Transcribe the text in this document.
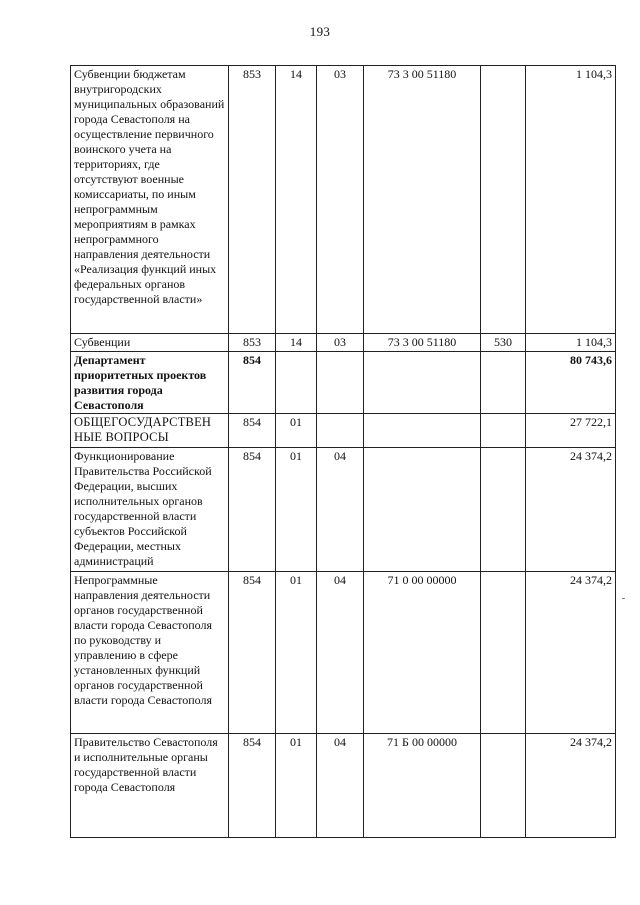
193
Субвенции бюджетам внутригородских муниципальных образований города Севастополя на осуществление первичного воинского учета на территориях, где отсутствуют военные комиссариаты, по иным непрограммным мероприятиям в рамках непрограммного направления деятельности «Реализация функций иных федеральных органов государственной власти»	853	14	03	73 3 00 51180		1 104,3
Субвенции	853	14	03	73 3 00 51180	530	1 104,3
Департамент приоритетных проектов развития города Севастополя	854					80 743,6
ОБЩЕГОСУДАРСТВЕН НЫЕ ВОПРОСЫ	854	01				27 722,1
Функционирование Правительства Российской Федерации, высших исполнительных органов государственной власти субъектов Российской Федерации, местных администраций	854	01	04			24 374,2
Непрограммные направления деятельности органов государственной власти города Севастополя по руководству и управлению в сфере установленных функций органов государственной власти города Севастополя	854	01	04	71 0 00 00000		24 374,2
Правительство Севастополя и исполнительные органы государственной власти города Севастополя	854	01	04	71 Б 00 00000		24 374,2
